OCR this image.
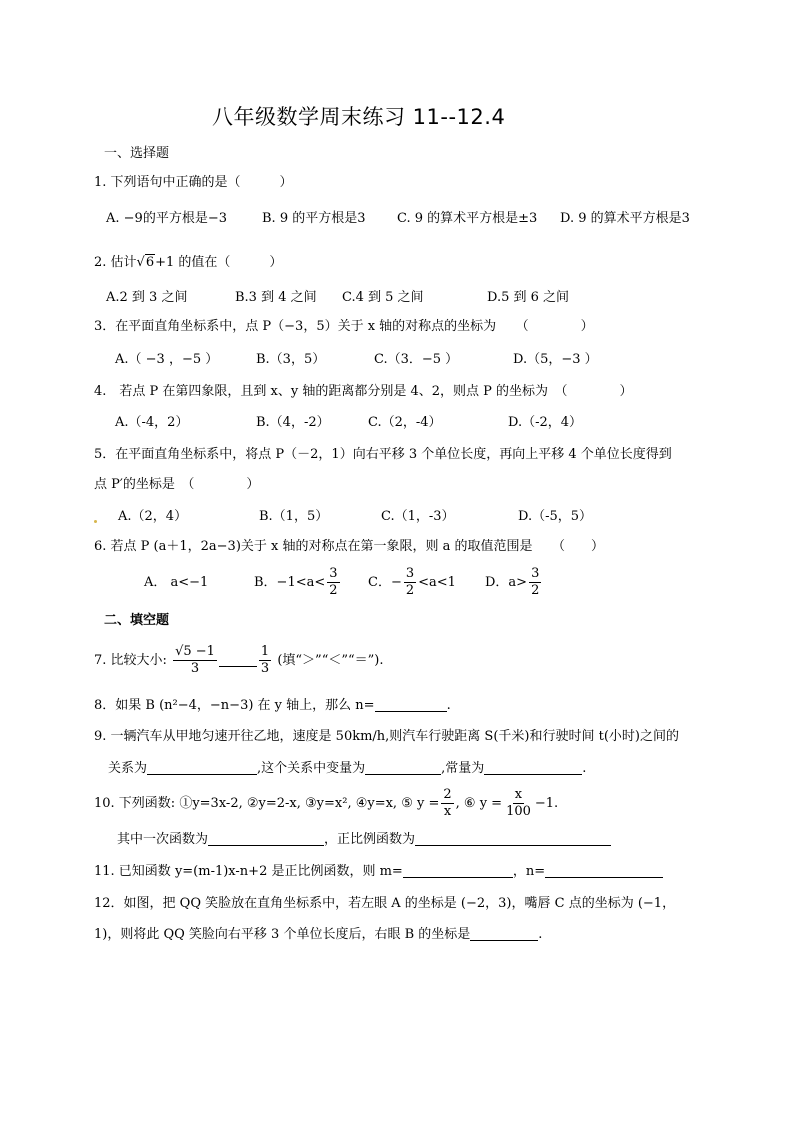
八年级数学周末练习 11--12.4
一、选择题
1. 下列语句中正确的是（　　　）
A. −9的平方根是−3	B. 9 的平方根是3 C. 9 的算术平方根是±3 D. 9 的算术平方根是3
2. 估计√6+1 的值在（　　　）
A.2 到 3 之间	B.3 到 4 之间 C.4 到 5 之间	D.5 到 6 之间
3．在平面直角坐标系中，点 P（−3，5）关于 x 轴的对称点的坐标为　　（　　　　）
A.（ −3 ，−5 ）	B.（3，5）	C.（3．−5 ）	D.（5，−3 ）
4.　若点 P 在第四象限，且到 x、y 轴的距离都分别是 4、2，则点 P 的坐标为　（　　　　）
A.（-4，2）	B.（4，-2）	C.（2，-4）	D.（-2，4）
5．在平面直角坐标系中，将点 P（－2，1）向右平移 3 个单位长度，再向上平移 4 个单位长度得到
点 P′的坐标是　（　　　　）
A.（2，4）	B.（1，5）	C.（1，-3）	D.（-5，5）
6. 若点 P (a＋1，2a−3)关于 x 轴的对称点在第一象限，则 a 的取值范围是　　（　　）
A． a<−1	B．$-1<a< \frac{3}{2}$ C．− $\frac{3}{2} <a<1$ D．$a> \frac{3}{2}$
二、填空题
7. 比较大小: $\frac{√5 -1}{3}$	$\frac{1}{3}$ (填“＞”“＜”“＝”).
8．如果 B (n²−4，−n−3) 在 y 轴上，那么 n=	.
9. 一辆汽车从甲地匀速开往乙地，速度是 50km/h,则汽车行驶距离 S(千米)和行驶时间 t(小时)之间的
关系为	,这个关系中变量为	,常量为	.
10. 下列函数: ①y=3x-2, ②y=2-x, ③y=x², ④y=x, ⑤ $y = \frac{2}{x}$ , ⑥ $y = \frac{x}{100} -1$.
其中一次函数为	，正比例函数为
11. 已知函数 y=(m-1)x-n+2 是正比例函数，则 m=	，n=
12．如图，把 QQ 笑脸放在直角坐标系中，若左眼 A 的坐标是 (−2，3)，嘴唇 C 点的坐标为 (−1，
1)，则将此 QQ 笑脸向右平移 3 个单位长度后，右眼 B 的坐标是	.
